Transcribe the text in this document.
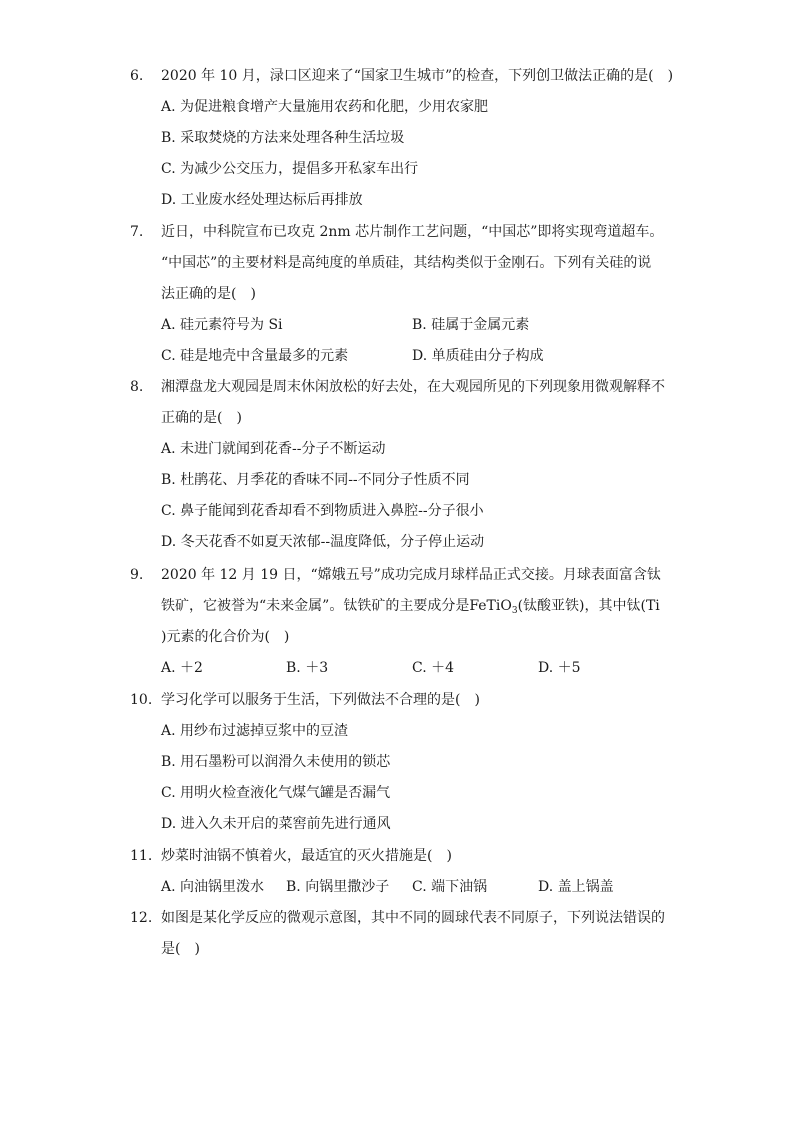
6.	2020 年 10 月，渌口区迎来了“国家卫生城市”的检查，下列创卫做法正确的是(　)
A. 为促进粮食增产大量施用农药和化肥，少用农家肥
B. 采取焚烧的方法来处理各种生活垃圾
C. 为减少公交压力，提倡多开私家车出行
D. 工业废水经处理达标后再排放
7.	近日，中科院宣布已攻克 2nm 芯片制作工艺问题，“中国芯”即将实现弯道超车。
“中国芯”的主要材料是高纯度的单质硅，其结构类似于金刚石。下列有关硅的说
法正确的是(　)
A. 硅元素符号为 Si	B. 硅属于金属元素
C. 硅是地壳中含量最多的元素	D. 单质硅由分子构成
8.	湘潭盘龙大观园是周末休闲放松的好去处，在大观园所见的下列现象用微观解释不
正确的是(　)
A. 未进门就闻到花香--分子不断运动
B. 杜鹃花、月季花的香味不同--不同分子性质不同
C. 鼻子能闻到花香却看不到物质进入鼻腔--分子很小
D. 冬天花香不如夏天浓郁--温度降低，分子停止运动
9.	2020 年 12 月 19 日，“嫦娥五号”成功完成月球样品正式交接。月球表面富含钛
铁矿，它被誉为“未来金属”。钛铁矿的主要成分是FeTiO$_3$(钛酸亚铁)，其中钛(Ti
)元素的化合价为(　)
A. ＋2	B. ＋3	C. ＋4	D. ＋5
10. 学习化学可以服务于生活，下列做法不合理的是(　)
A. 用纱布过滤掉豆浆中的豆渣
B. 用石墨粉可以润滑久未使用的锁芯
C. 用明火检查液化气煤气罐是否漏气
D. 进入久未开启的菜窖前先进行通风
11. 炒菜时油锅不慎着火，最适宜的灭火措施是(　)
A. 向油锅里泼水 B. 向锅里撒沙子 C. 端下油锅	D. 盖上锅盖
12. 如图是某化学反应的微观示意图，其中不同的圆球代表不同原子，下列说法错误的
是(　)
